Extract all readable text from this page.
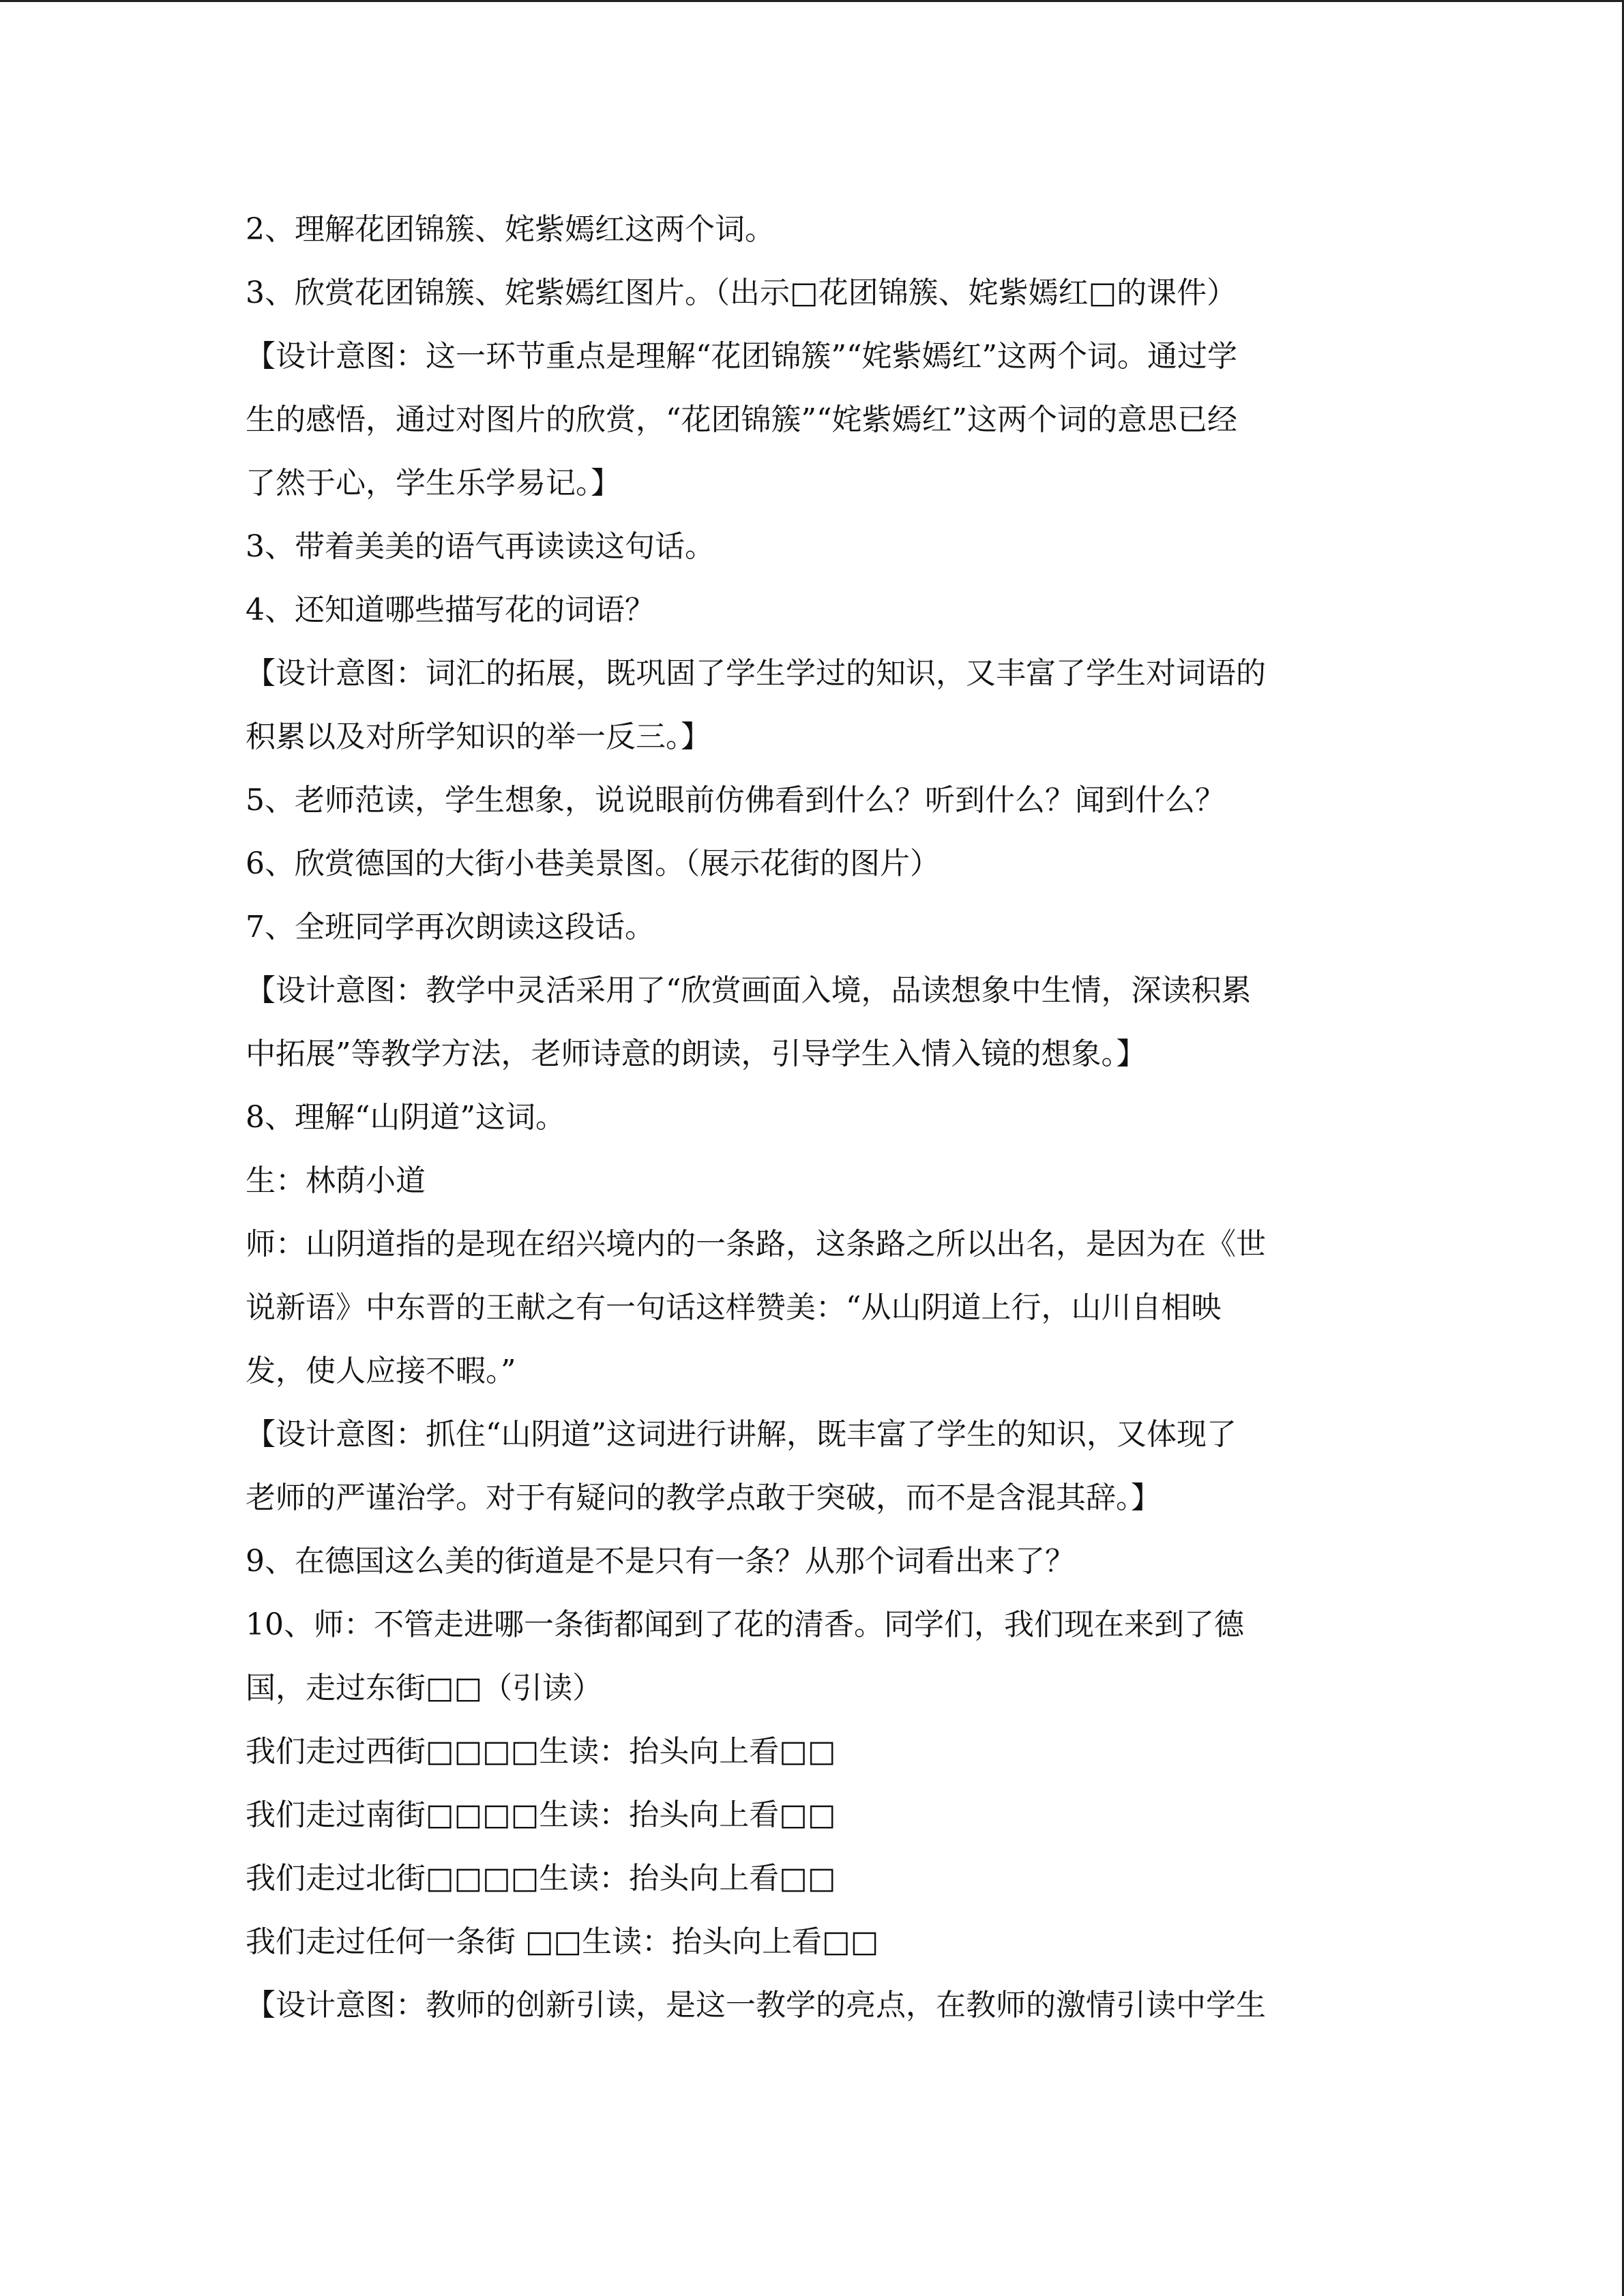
2、理解花团锦簇、姹紫嫣红这两个词。
3、欣赏花团锦簇、姹紫嫣红图片。（出示□花团锦簇、姹紫嫣红□的课件）
【设计意图：这一环节重点是理解“花团锦簇”“姹紫嫣红”这两个词。通过学
生的感悟，通过对图片的欣赏，“花团锦簇”“姹紫嫣红”这两个词的意思已经
了然于心，学生乐学易记。】
3、带着美美的语气再读读这句话。
4、还知道哪些描写花的词语？
【设计意图：词汇的拓展，既巩固了学生学过的知识，又丰富了学生对词语的
积累以及对所学知识的举一反三。】
5、老师范读，学生想象，说说眼前仿佛看到什么？听到什么？闻到什么？
6、欣赏德国的大街小巷美景图。（展示花街的图片）
7、全班同学再次朗读这段话。
【设计意图：教学中灵活采用了“欣赏画面入境，品读想象中生情，深读积累
中拓展”等教学方法，老师诗意的朗读，引导学生入情入镜的想象。】
8、理解“山阴道”这词。
生：林荫小道
师：山阴道指的是现在绍兴境内的一条路，这条路之所以出名，是因为在《世
说新语》中东晋的王献之有一句话这样赞美：“从山阴道上行，山川自相映
发，使人应接不暇。”
【设计意图：抓住“山阴道”这词进行讲解，既丰富了学生的知识，又体现了
老师的严谨治学。对于有疑问的教学点敢于突破，而不是含混其辞。】
9、在德国这么美的街道是不是只有一条？从那个词看出来了？
10、师：不管走进哪一条街都闻到了花的清香。同学们，我们现在来到了德
国，走过东街□□（引读）
我们走过西街□□□□生读：抬头向上看□□
我们走过南街□□□□生读：抬头向上看□□
我们走过北街□□□□生读：抬头向上看□□
我们走过任何一条街 □□生读：抬头向上看□□
【设计意图：教师的创新引读，是这一教学的亮点，在教师的激情引读中学生
